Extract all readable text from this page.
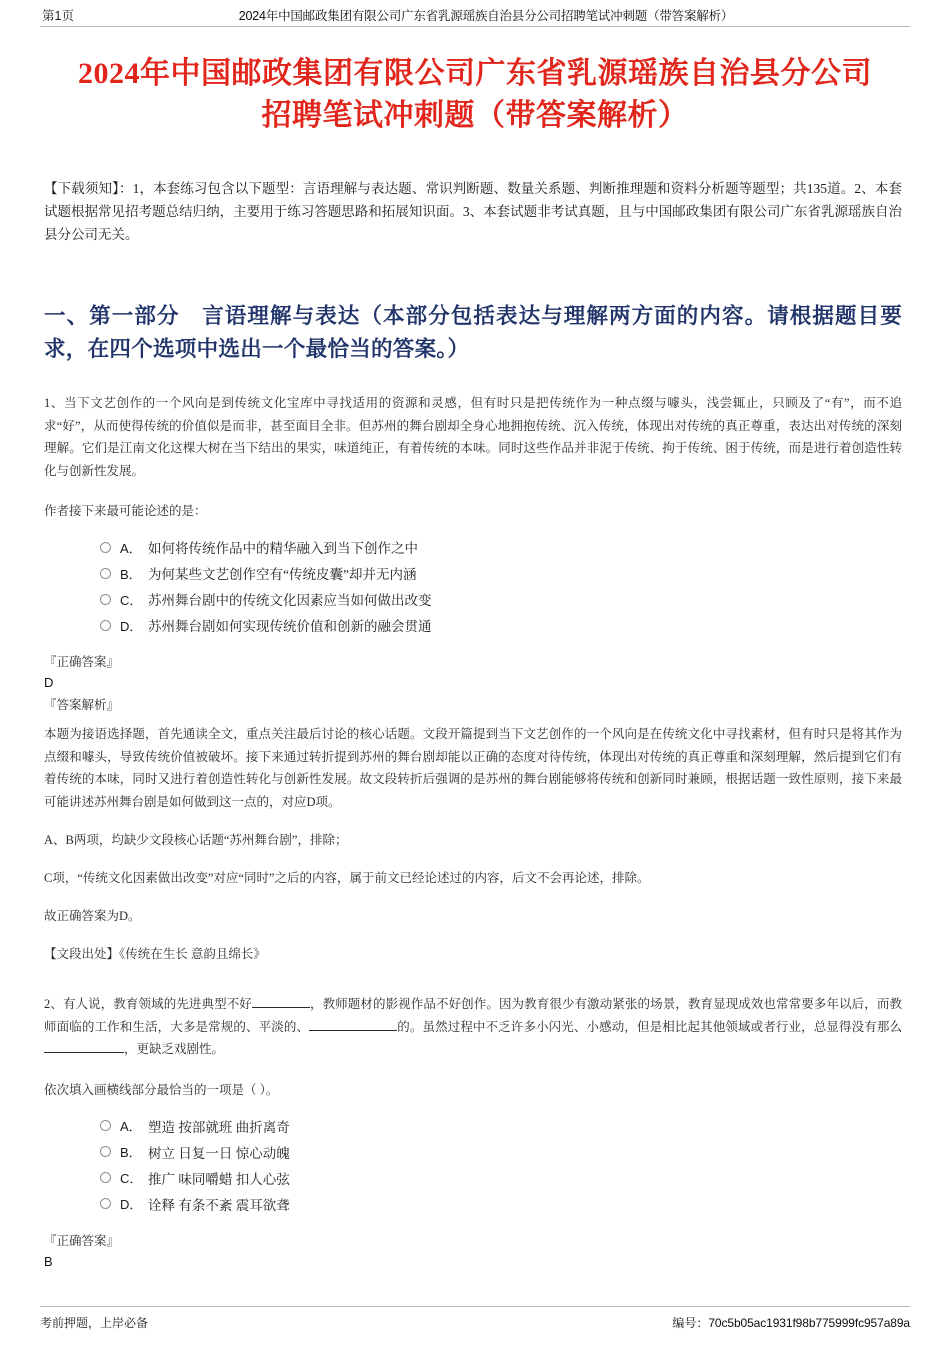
第1页	2024年中国邮政集团有限公司广东省乳源瑶族自治县分公司招聘笔试冲刺题（带答案解析）
2024年中国邮政集团有限公司广东省乳源瑶族自治县分公司招聘笔试冲刺题（带答案解析）

【下载须知】：1，本套练习包含以下题型：言语理解与表达题、常识判断题、数量关系题、判断推理题和资料分析题等题型；共135道。2、本套试题根据常见招考题总结归纳，主要用于练习答题思路和拓展知识面。3、本套试题非考试真题，且与中国邮政集团有限公司广东省乳源瑶族自治县分公司无关。

一、第一部分　言语理解与表达（本部分包括表达与理解两方面的内容。请根据题目要求，在四个选项中选出一个最恰当的答案。）

1、当下文艺创作的一个风向是到传统文化宝库中寻找适用的资源和灵感，但有时只是把传统作为一种点缀与噱头，浅尝辄止，只顾及了“有”，而不追求“好”，从而使得传统的价值似是而非，甚至面目全非。但苏州的舞台剧却全身心地拥抱传统、沉入传统，体现出对传统的真正尊重，表达出对传统的深刻理解。它们是江南文化这棵大树在当下结出的果实，味道纯正，有着传统的本味。同时这些作品并非泥于传统、拘于传统、困于传统，而是进行着创造性转化与创新性发展。

作者接下来最可能论述的是：

A． 如何将传统作品中的精华融入到当下创作之中
B． 为何某些文艺创作空有“传统皮囊”却并无内涵
C． 苏州舞台剧中的传统文化因素应当如何做出改变
D． 苏州舞台剧如何实现传统价值和创新的融会贯通

『正确答案』

D

『答案解析』

本题为接语选择题，首先通读全文，重点关注最后讨论的核心话题。文段开篇提到当下文艺创作的一个风向是在传统文化中寻找素材，但有时只是将其作为点缀和噱头，导致传统价值被破坏。接下来通过转折提到苏州的舞台剧却能以正确的态度对待传统，体现出对传统的真正尊重和深刻理解，然后提到它们有着传统的本味，同时又进行着创造性转化与创新性发展。故文段转折后强调的是苏州的舞台剧能够将传统和创新同时兼顾，根据话题一致性原则，接下来最可能讲述苏州舞台剧是如何做到这一点的，对应D项。

A、B两项，均缺少文段核心话题“苏州舞台剧”，排除；

C项，“传统文化因素做出改变”对应“同时”之后的内容，属于前文已经论述过的内容，后文不会再论述，排除。

故正确答案为D。

【文段出处】《传统在生长 意韵且绵长》

2、有人说，教育领域的先进典型不好	，教师题材的影视作品不好创作。因为教育很少有激动紧张的场景，教育显现成效也常常要多年以后，而教师面临的工作和生活，大多是常规的、平淡的、	的。虽然过程中不乏许多小闪光、小感动，但是相比起其他领域或者行业，总显得没有那么，更缺乏戏剧性。

依次填入画横线部分最恰当的一项是（ ）。

A． 塑造 按部就班 曲折离奇
B． 树立 日复一日 惊心动魄
C． 推广 味同嚼蜡 扣人心弦
D． 诠释 有条不紊 震耳欲聋

『正确答案』

B

考前押题，上岸必备	编号：70c5b05ac1931f98b775999fc957a89a
